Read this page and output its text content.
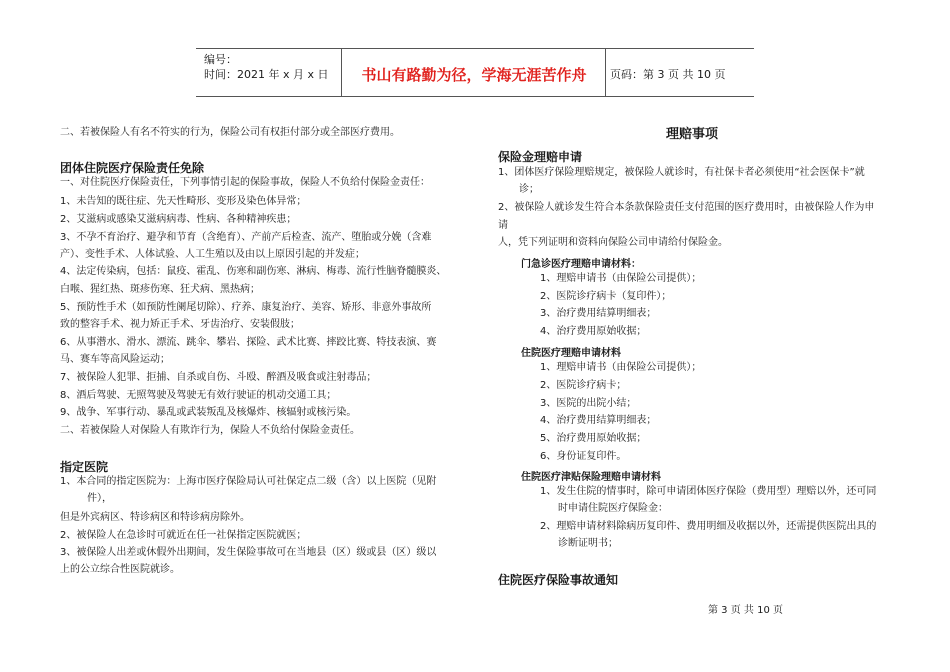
编号：
时间：2021 年 x 月 x 日	书山有路勤为径，学海无涯苦作舟	页码：第 3 页 共 10 页
二、若被保险人有名不符实的行为，保险公司有权拒付部分或全部医疗费用。
团体住院医疗保险责任免除
一、对住院医疗保险责任，下列事情引起的保险事故，保险人不负给付保险金责任：
1、未告知的既往症、先天性畸形、变形及染色体异常；
2、艾滋病或感染艾滋病病毒、性病、各种精神疾患；
3、不孕不育治疗、避孕和节育（含绝育）、产前产后检查、流产、堕胎或分娩（含难
产）、变性手术、人体试验、人工生殖以及由以上原因引起的并发症；
4、法定传染病，包括：鼠疫、霍乱、伤寒和副伤寒、淋病、梅毒、流行性脑脊髓膜炎、
白喉、猩红热、斑疹伤寒、狂犬病、黑热病；
5、预防性手术（如预防性阑尾切除）、疗养、康复治疗、美容、矫形、非意外事故所
致的整容手术、视力矫正手术、牙齿治疗、安装假肢；
6、从事潜水、滑水、漂流、跳伞、攀岩、探险、武术比赛、摔跤比赛、特技表演、赛
马、赛车等高风险运动；
7、被保险人犯罪、拒捕、自杀或自伤、斗殴、醉酒及吸食或注射毒品；
8、酒后驾驶、无照驾驶及驾驶无有效行驶证的机动交通工具；
9、战争、军事行动、暴乱或武装叛乱及核爆炸、核辐射或核污染。
二、若被保险人对保险人有欺诈行为，保险人不负给付保险金责任。
指定医院
1、本合同的指定医院为：上海市医疗保险局认可社保定点二级（含）以上医院（见附
件），
但是外宾病区、特诊病区和特诊病房除外。
2、被保险人在急诊时可就近在任一社保指定医院就医；
3、被保险人出差或休假外出期间，发生保险事故可在当地县（区）级或县（区）级以
上的公立综合性医院就诊。
理赔事项
保险金理赔申请
1、团体医疗保险理赔规定，被保险人就诊时，有社保卡者必须使用“社会医保卡”就
诊；
2、被保险人就诊发生符合本条款保险责任支付范围的医疗费用时，由被保险人作为申
请
人，凭下列证明和资料向保险公司申请给付保险金。
门急诊医疗理赔申请材料：
1、理赔申请书（由保险公司提供）；
2、医院诊疗病卡（复印件）；
3、治疗费用结算明细表；
4、治疗费用原始收据；
住院医疗理赔申请材料
1、理赔申请书（由保险公司提供）；
2、医院诊疗病卡；
3、医院的出院小结；
4、治疗费用结算明细表；
5、治疗费用原始收据；
6、身份证复印件。
住院医疗津贴保险理赔申请材料
1、发生住院的情事时，除可申请团体医疗保险（费用型）理赔以外，还可同
时申请住院医疗保险金：
2、理赔申请材料除病历复印件、费用明细及收据以外，还需提供医院出具的
诊断证明书；
住院医疗保险事故通知
第 3 页 共 10 页
